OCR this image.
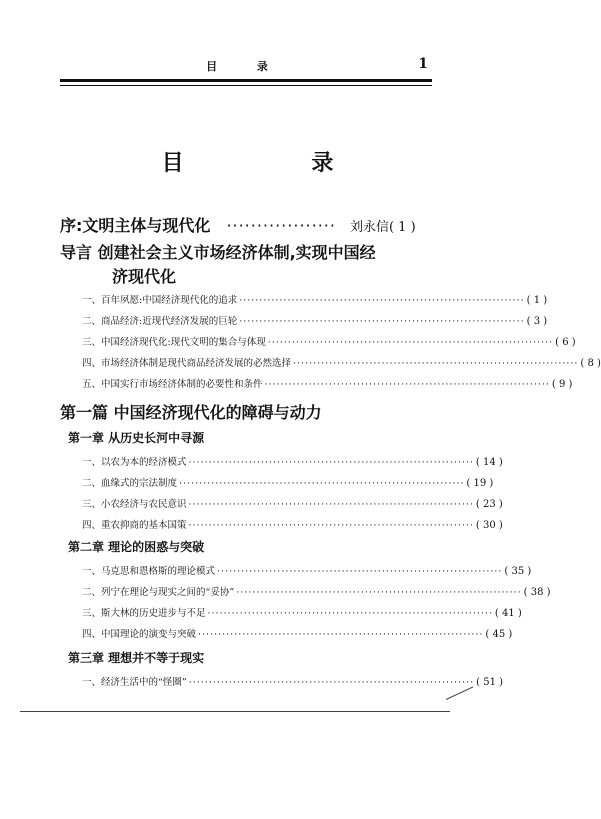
目 录	1
目 录
序:文明主体与现代化 ·················· 刘永信 ( 1 )
导言 创建社会主义市场经济体制,实现中国经
济现代化
一、百年夙愿:中国经济现代化的追求 ······································································· ( 1 )
二、商品经济:近现代经济发展的巨轮 ······································································· ( 3 )
三、中国经济现代化:现代文明的集合与体现 ······································································· ( 6 )
四、市场经济体制是现代商品经济发展的必然选择 ······································································· ( 8 )
五、中国实行市场经济体制的必要性和条件 ······································································· ( 9 )
第一篇 中国经济现代化的障碍与动力
第一章 从历史长河中寻源
一、以农为本的经济模式 ······································································· ( 14 )
二、血缘式的宗法制度 ······································································· ( 19 )
三、小农经济与农民意识 ······································································· ( 23 )
四、重农抑商的基本国策 ······································································· ( 30 )
第二章 理论的困惑与突破
一、马克思和恩格斯的理论模式 ······································································· ( 35 )
二、列宁在理论与现实之间的“妥协” ······································································· ( 38 )
三、斯大林的历史进步与不足 ······································································· ( 41 )
四、中国理论的演变与突破 ······································································· ( 45 )
第三章 理想并不等于现实
一、经济生活中的“怪圈” ······································································· ( 51 )
